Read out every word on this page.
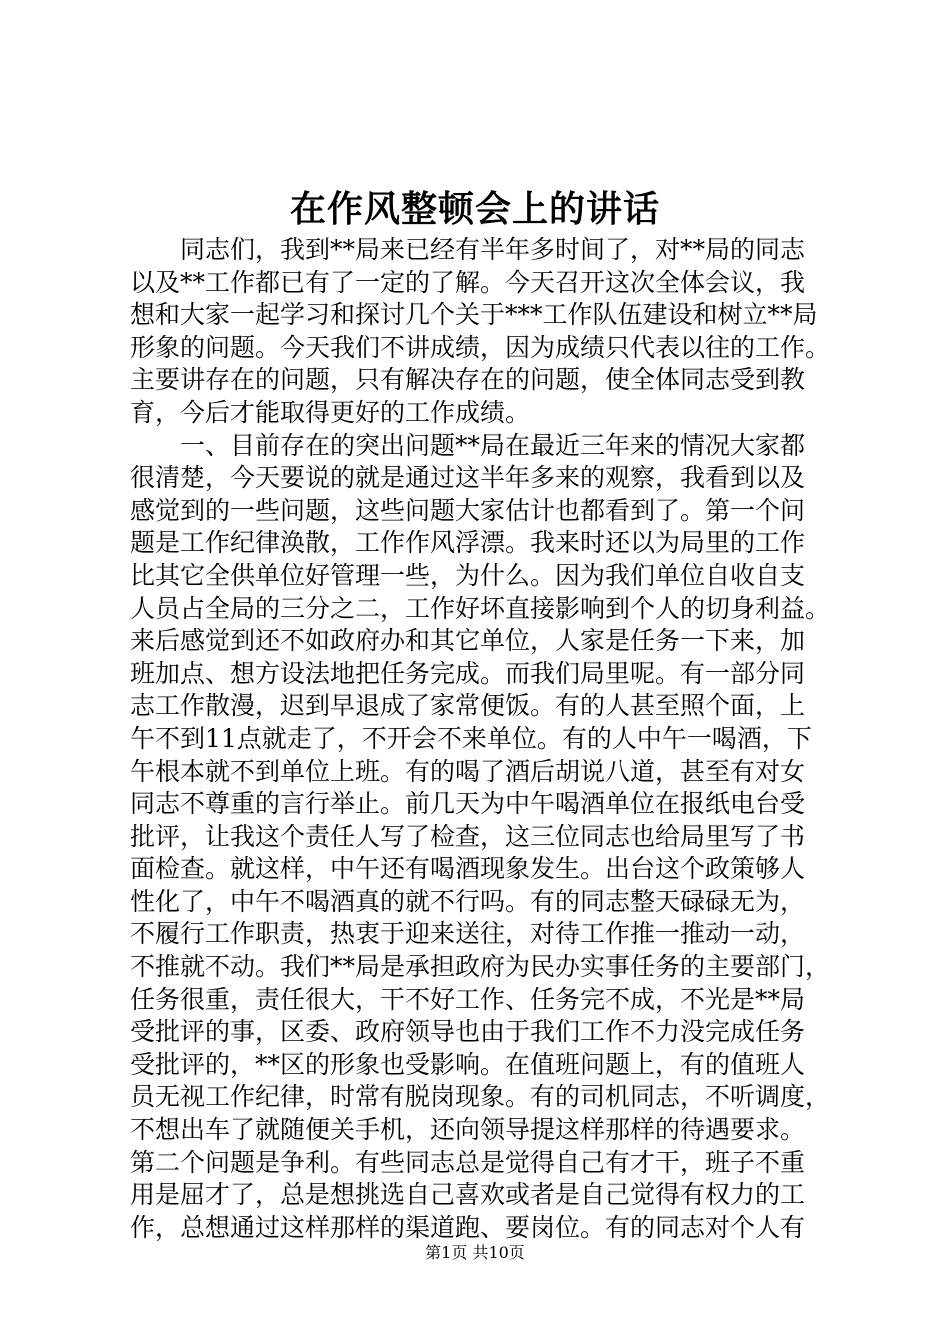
在作风整顿会上的讲话
同志们，我到**局来已经有半年多时间了，对**局的同志
以及**工作都已有了一定的了解。今天召开这次全体会议，我
想和大家一起学习和探讨几个关于***工作队伍建设和树立**局
形象的问题。今天我们不讲成绩，因为成绩只代表以往的工作。
主要讲存在的问题，只有解决存在的问题，使全体同志受到教
育，今后才能取得更好的工作成绩。
一、目前存在的突出问题**局在最近三年来的情况大家都
很清楚，今天要说的就是通过这半年多来的观察，我看到以及
感觉到的一些问题，这些问题大家估计也都看到了。第一个问
题是工作纪律涣散，工作作风浮漂。我来时还以为局里的工作
比其它全供单位好管理一些，为什么。因为我们单位自收自支
人员占全局的三分之二，工作好坏直接影响到个人的切身利益。
来后感觉到还不如政府办和其它单位，人家是任务一下来，加
班加点、想方设法地把任务完成。而我们局里呢。有一部分同
志工作散漫，迟到早退成了家常便饭。有的人甚至照个面，上
午不到11点就走了，不开会不来单位。有的人中午一喝酒，下
午根本就不到单位上班。有的喝了酒后胡说八道，甚至有对女
同志不尊重的言行举止。前几天为中午喝酒单位在报纸电台受
批评，让我这个责任人写了检查，这三位同志也给局里写了书
面检查。就这样，中午还有喝酒现象发生。出台这个政策够人
性化了，中午不喝酒真的就不行吗。有的同志整天碌碌无为，
不履行工作职责，热衷于迎来送往，对待工作推一推动一动，
不推就不动。我们**局是承担政府为民办实事任务的主要部门，
任务很重，责任很大，干不好工作、任务完不成，不光是**局
受批评的事，区委、政府领导也由于我们工作不力没完成任务
受批评的，**区的形象也受影响。在值班问题上，有的值班人
员无视工作纪律，时常有脱岗现象。有的司机同志，不听调度，
不想出车了就随便关手机，还向领导提这样那样的待遇要求。
第二个问题是争利。有些同志总是觉得自己有才干，班子不重
用是屈才了，总是想挑选自己喜欢或者是自己觉得有权力的工
作，总想通过这样那样的渠道跑、要岗位。有的同志对个人有
第1页 共10页
